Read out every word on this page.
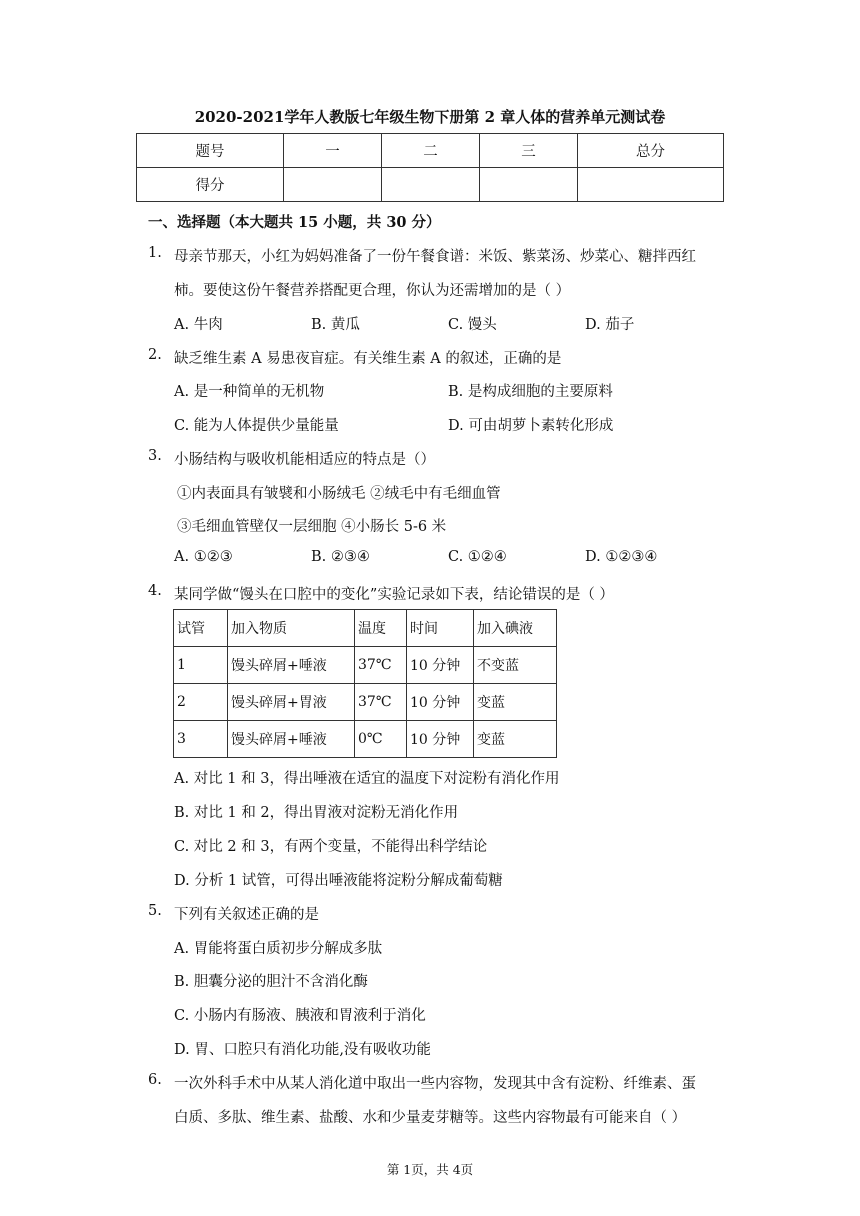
2020-2021学年人教版七年级生物下册第 2 章人体的营养单元测试卷
题号	一	二	三	总分
得分				
一、选择题（本大题共 15 小题，共 30 分）
1. 母亲节那天，小红为妈妈准备了一份午餐食谱：米饭、紫菜汤、炒菜心、糖拌西红
柿。要使这份午餐营养搭配更合理，你认为还需增加的是（ ）
A. 牛肉	B. 黄瓜	C. 馒头	D. 茄子
2. 缺乏维生素 A 易患夜盲症。有关维生素 A 的叙述，正确的是
A. 是一种简单的无机物	B. 是构成细胞的主要原料
C. 能为人体提供少量能量	D. 可由胡萝卜素转化形成
3. 小肠结构与吸收机能相适应的特点是（）
①内表面具有皱襞和小肠绒毛 ②绒毛中有毛细血管
③毛细血管壁仅一层细胞 ④小肠长 5-6 米
A. ①②③	B. ②③④	C. ①②④	D. ①②③④
4. 某同学做“馒头在口腔中的变化”实验记录如下表，结论错误的是（ ）
试管	加入物质	温度	时间	加入碘液
1	馒头碎屑+唾液	37℃	10 分钟	不变蓝
2	馒头碎屑+胃液	37℃	10 分钟	变蓝
3	馒头碎屑+唾液	0℃	10 分钟	变蓝
A. 对比 1 和 3，得出唾液在适宜的温度下对淀粉有消化作用
B. 对比 1 和 2，得出胃液对淀粉无消化作用
C. 对比 2 和 3，有两个变量，不能得出科学结论
D. 分析 1 试管，可得出唾液能将淀粉分解成葡萄糖
5. 下列有关叙述正确的是
A. 胃能将蛋白质初步分解成多肽
B. 胆囊分泌的胆汁不含消化酶
C. 小肠内有肠液、胰液和胃液利于消化
D. 胃、口腔只有消化功能,没有吸收功能
6. 一次外科手术中从某人消化道中取出一些内容物，发现其中含有淀粉、纤维素、蛋
白质、多肽、维生素、盐酸、水和少量麦芽糖等。这些内容物最有可能来自（ ）
第 1页，共 4页
